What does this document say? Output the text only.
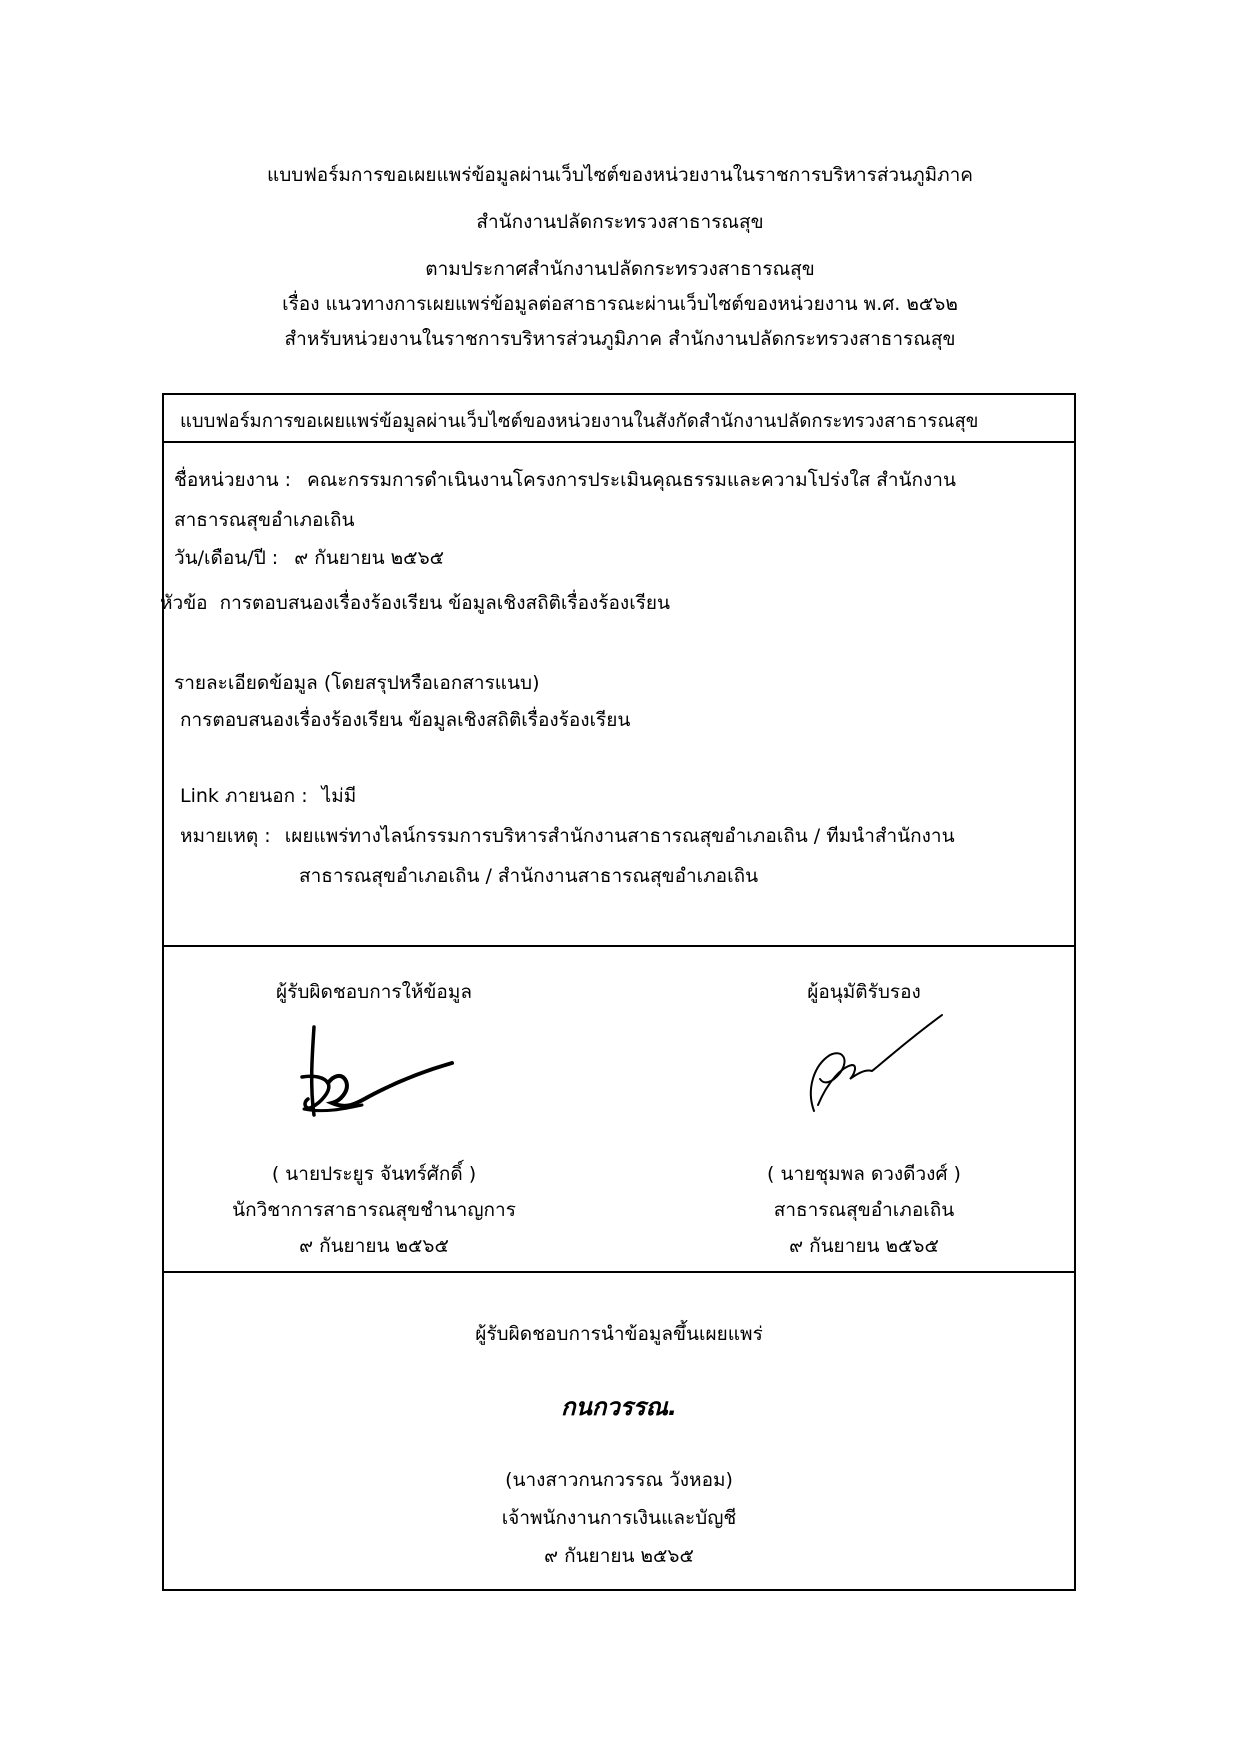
แบบฟอร์มการขอเผยแพร่ข้อมูลผ่านเว็บไซต์ของหน่วยงานในราชการบริหารส่วนภูมิภาค
สำนักงานปลัดกระทรวงสาธารณสุข
ตามประกาศสำนักงานปลัดกระทรวงสาธารณสุข
เรื่อง แนวทางการเผยแพร่ข้อมูลต่อสาธารณะผ่านเว็บไซต์ของหน่วยงาน พ.ศ. ๒๕๖๒
สำหรับหน่วยงานในราชการบริหารส่วนภูมิภาค สำนักงานปลัดกระทรวงสาธารณสุข
แบบฟอร์มการขอเผยแพร่ข้อมูลผ่านเว็บไซต์ของหน่วยงานในสังกัดสำนักงานปลัดกระทรวงสาธารณสุข
ชื่อหน่วยงาน : คณะกรรมการดำเนินงานโครงการประเมินคุณธรรมและความโปร่งใส สำนักงาน
สาธารณสุขอำเภอเถิน
วัน/เดือน/ปี : ๙ กันยายน ๒๕๖๕
หัวข้อ การตอบสนองเรื่องร้องเรียน ข้อมูลเชิงสถิติเรื่องร้องเรียน
รายละเอียดข้อมูล (โดยสรุปหรือเอกสารแนบ)
การตอบสนองเรื่องร้องเรียน ข้อมูลเชิงสถิติเรื่องร้องเรียน
Link ภายนอก : ไม่มี
หมายเหตุ : เผยแพร่ทางไลน์กรรมการบริหารสำนักงานสาธารณสุขอำเภอเถิน / ทีมนำสำนักงาน
สาธารณสุขอำเภอเถิน / สำนักงานสาธารณสุขอำเภอเถิน
ผู้รับผิดชอบการให้ข้อมูล
( นายประยูร จันทร์ศักดิ์ )
นักวิชาการสาธารณสุขชำนาญการ
๙ กันยายน ๒๕๖๕
ผู้อนุมัติรับรอง
( นายชุมพล ดวงดีวงศ์ )
สาธารณสุขอำเภอเถิน
๙ กันยายน ๒๕๖๕
ผู้รับผิดชอบการนำข้อมูลขึ้นเผยแพร่
กนกวรรณ.
(นางสาวกนกวรรณ วังหอม)
เจ้าพนักงานการเงินและบัญชี
๙ กันยายน ๒๕๖๕
